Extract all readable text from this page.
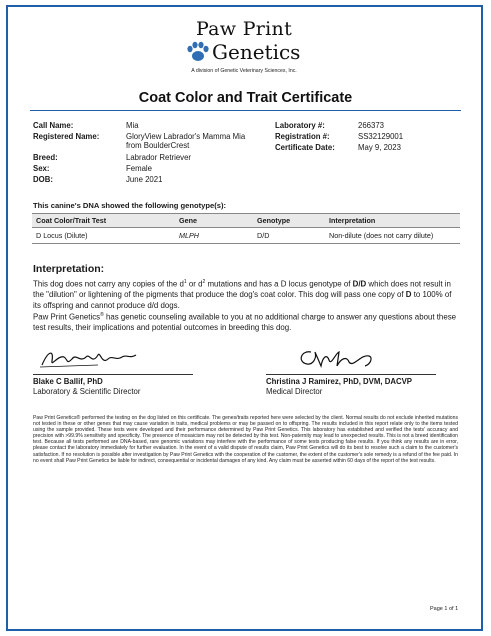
Paw Print
Genetics
A division of Genetic Veterinary Sciences, Inc.
Coat Color and Trait Certificate
Call Name:	Mia
Registered Name:	GloryView Labrador's Mamma Mia from BoulderCrest
Breed:	Labrador Retriever
Sex:	Female
DOB:	June 2021
Laboratory #:	266373
Registration #:	SS32129001
Certificate Date:	May 9, 2023
This canine's DNA showed the following genotype(s):
Coat Color/Trait Test	Gene	Genotype	Interpretation
D Locus (Dilute)	MLPH	D/D	Non-dilute (does not carry dilute)
Interpretation:
This dog does not carry any copies of the $d^1$ or $d^2$ mutations and has a D locus genotype of D/D which does not result in the "dilution" or lightening of the pigments that produce the dog's coat color. This dog will pass one copy of D to 100% of its offspring and cannot produce d/d dogs.
Paw Print Genetics® has genetic counseling available to you at no additional charge to answer any questions about these test results, their implications and potential outcomes in breeding this dog.
Blake C Ballif, PhD
Laboratory & Scientific Director
Christina J Ramirez, PhD, DVM, DACVP
Medical Director
Paw Print Genetics® performed the testing on the dog listed on this certificate. The genes/traits reported here were selected by the client. Normal results do not exclude inherited mutations not tested in these or other genes that may cause variation in traits, medical problems or may be passed on to offspring. The results included in this report relate only to the items tested using the sample provided. These tests were developed and their performance determined by Paw Print Genetics. This laboratory has established and verified the tests' accuracy and precision with >99.9% sensitivity and specificity. The presence of mosaicism may not be detected by this test. Non-paternity may lead to unexpected results. This is not a breed identification test. Because all tests performed are DNA-based, rare genomic variations may interfere with the performance of some tests producing false results. If you think any results are in error, please contact the laboratory immediately for further evaluation. In the event of a valid dispute of results claim, Paw Print Genetics will do its best to resolve such a claim to the customer's satisfaction. If no resolution is possible after investigation by Paw Print Genetics with the cooperation of the customer, the extent of the customer's sole remedy is a refund of the fee paid. In no event shall Paw Print Genetics be liable for indirect, consequential or incidental damages of any kind. Any claim must be asserted within 60 days of the report of the test results.
Page 1 of 1
